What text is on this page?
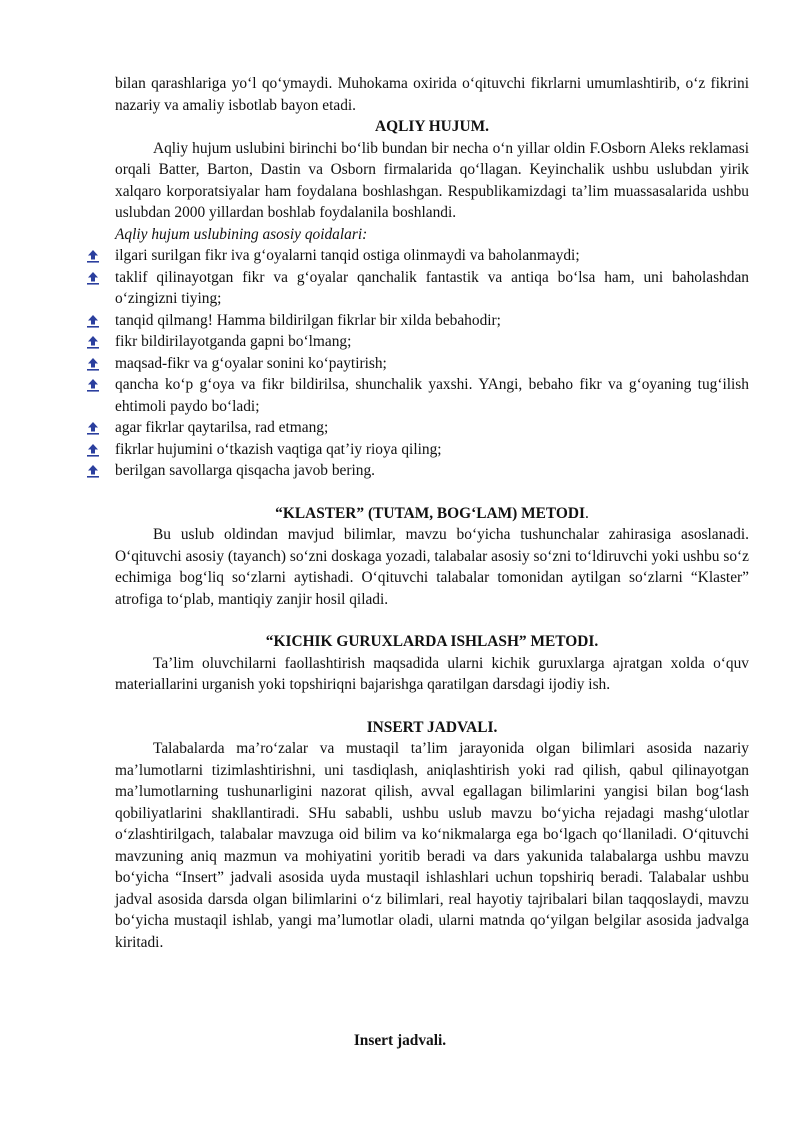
bilan qarashlariga yo‘l qo‘ymaydi. Muhokama oxirida o‘qituvchi fikrlarni umumlashtirib, o‘z fikrini nazariy va amaliy isbotlab bayon etadi.

AQLIY HUJUM.

Aqliy hujum uslubini birinchi bo‘lib bundan bir necha o‘n yillar oldin F.Osborn Aleks reklamasi orqali Batter, Barton, Dastin va Osborn firmalarida qo‘llagan. Keyinchalik ushbu uslubdan yirik xalqaro korporatsiyalar ham foydalana boshlashgan. Respublikamizdagi ta’lim muassasalarida ushbu uslubdan 2000 yillardan boshlab foydalanila boshlandi.

Aqliy hujum uslubining asosiy qoidalari:

ilgari surilgan fikr iva g‘oyalarni tanqid ostiga olinmaydi va baholanmaydi;
taklif qilinayotgan fikr va g‘oyalar qanchalik fantastik va antiqa bo‘lsa ham, uni baholashdan o‘zingizni tiying;
tanqid qilmang! Hamma bildirilgan fikrlar bir xilda bebahodir;
fikr bildirilayotganda gapni bo‘lmang;
maqsad-fikr va g‘oyalar sonini ko‘paytirish;
qancha ko‘p g‘oya va fikr bildirilsa, shunchalik yaxshi. YAngi, bebaho fikr va g‘oyaning tug‘ilish ehtimoli paydo bo‘ladi;
agar fikrlar qaytarilsa, rad etmang;
fikrlar hujumini o‘tkazish vaqtiga qat’iy rioya qiling;
berilgan savollarga qisqacha javob bering.
“KLASTER” (TUTAM, BOG‘LAM) METODI.

Bu uslub oldindan mavjud bilimlar, mavzu bo‘yicha tushunchalar zahirasiga asoslanadi. O‘qituvchi asosiy (tayanch) so‘zni doskaga yozadi, talabalar asosiy so‘zni to‘ldiruvchi yoki ushbu so‘z echimiga bog‘liq so‘zlarni aytishadi. O‘qituvchi talabalar tomonidan aytilgan so‘zlarni “Klaster” atrofiga to‘plab, mantiqiy zanjir hosil qiladi.

“KICHIK GURUXLARDA ISHLASH” METODI.

Ta’lim oluvchilarni faollashtirish maqsadida ularni kichik guruxlarga ajratgan xolda o‘quv materiallarini urganish yoki topshiriqni bajarishga qaratilgan darsdagi ijodiy ish.

INSERT JADVALI.

Talabalarda ma’ro‘zalar va mustaqil ta’lim jarayonida olgan bilimlari asosida nazariy ma’lumotlarni tizimlashtirishni, uni tasdiqlash, aniqlashtirish yoki rad qilish, qabul qilinayotgan ma’lumotlarning tushunarligini nazorat qilish, avval egallagan bilimlarini yangisi bilan bog‘lash qobiliyatlarini shakllantiradi. SHu sababli, ushbu uslub mavzu bo‘yicha rejadagi mashg‘ulotlar o‘zlashtirilgach, talabalar mavzuga oid bilim va ko‘nikmalarga ega bo‘lgach qo‘llaniladi. O‘qituvchi mavzuning aniq mazmun va mohiyatini yoritib beradi va dars yakunida talabalarga ushbu mavzu bo‘yicha “Insert” jadvali asosida uyda mustaqil ishlashlari uchun topshiriq beradi. Talabalar ushbu jadval asosida darsda olgan bilimlarini o‘z bilimlari, real hayotiy tajribalari bilan taqqoslaydi, mavzu bo‘yicha mustaqil ishlab, yangi ma’lumotlar oladi, ularni matnda qo‘yilgan belgilar asosida jadvalga kiritadi.

Insert jadvali.
